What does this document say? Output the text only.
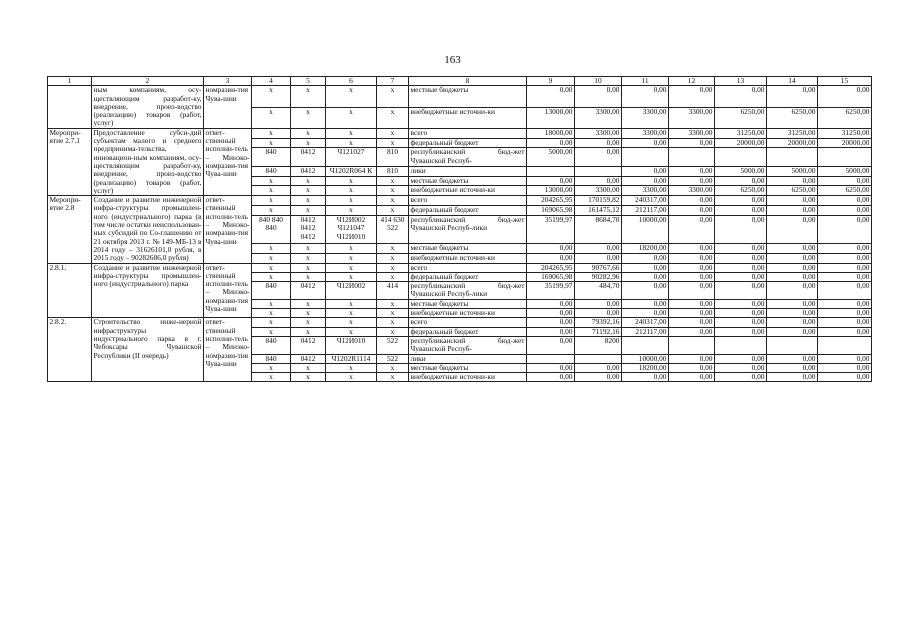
163
1	2	3	4	5	6	7	8	9	10	11	12	13	14	15
	ным компаниям, осу-ществляющим разработ-ку, внедрение, произ-водство (реализацию) товаров (работ, услуг)	номразви-тия Чува-шии	x	x	x	x	местные бюджеты	0,00	0,00	0,00	0,00	0,00	0,00	0,00
			x	x	x	x	внебюджетные источни-ки	13000,00	3300,00	3300,00	3300,00	6250,00	6250,00	6250,00
Меропри-ятие 2.7.1	Предоставление субси-дий субъектам малого и среднего предпринима-тельства, инновацион-ным компаниям, осу-ществляющим разработ-ку, внедрение, произ-водство (реализацию) товаров (работ, услуг)	ответ-ственный исполни-тель – Минэко-номразви-тия Чува-шии	x	x	x	x	всего	18000,00	3300,00	3300,00	3300,00	31250,00	31250,00	31250,00
			x	x	x	x	федеральный бюджет	0,00	0,00	0,00	0,00	20000,00	20000,00	20000,00
			840	0412	Ч121027	810	республиканский бюд-жет Чувашской Респуб-	5000,00	0,00					
			840	0412	Ч1202R064 К	810	лики			0,00	0,00	5000,00	5000,00	5000,00
			x	x	x	x	местные бюджеты	0,00	0,00	0,00	0,00	0,00	0,00	0,00
			x	x	x	x	внебюджетные источни-ки	13000,00	3300,00	3300,00	3300,00	6250,00	6250,00	6250,00
Меропри-ятие 2.8	Создание и развитие инженерной инфра-структуры промышлен-ного (индустриального) парка (в том числе остатки неиспользован-ных субсидий по Со-глашению от 21 октября 2013 г. № 149-МБ-13 в 2014 году – 31626101,0 рубля, в 2015 году – 90282686,0 рубля)	ответ-ственный исполни-тель – Минэко-номразви-тия Чува-шии	x	x	x	x	всего	204265,95	170159,82	240317,00	0,00	0,00	0,00	0,00
			x	x	x	x	федеральный бюджет	169065,98	161475,12	212117,00	0,00	0,00	0,00	0,00
			840 840 840	0412 0412 0412	Ч12И002 Ч121047 Ч12И010	414 630 522	республиканский бюд-жет Чувашской Респуб-лики	35199,97	8684,70	10000,00	0,00	0,00	0,00	0,00
			x	x	x	x	местные бюджеты	0,00	0,00	18200,00	0,00	0,00	0,00	0,00
			x	x	x	x	внебюджетные источни-ки	0,00	0,00	0,00	0,00	0,00	0,00	0,00
2.8.1.	Создание и развитие инженерной инфра-структуры промышлен-ного (индустриального) парка	ответ-ственный исполни-тель – Минэко-номразви-тия Чува-шии	x	x	x	x	всего	204265,95	90767,66	0,00	0,00	0,00	0,00	0,00
			x	x	x	x	федеральный бюджет	169065,98	90282,96	0,00	0,00	0,00	0,00	0,00
			840	0412	Ч12И002	414	республиканский бюд-жет Чувашской Респуб-лики	35199,97	484,70	0,00	0,00	0,00	0,00	0,00
			x	x	x	x	местные бюджеты	0,00	0,00	0,00	0,00	0,00	0,00	0,00
			x	x	x	x	внебюджетные источни-ки	0,00	0,00	0,00	0,00	0,00	0,00	0,00
2.8.2.	Строительство инже-нерной инфраструктуры индустриального парка в г. Чебоксары Чувашской Республики (II очередь)	ответ-ственный исполни-тель – Минэко-номразви-тия Чува-шии	x	x	x	x	всего	0,00	79392,16	240317,00	0,00	0,00	0,00	0,00
			x	x	x	x	федеральный бюджет	0,00	71192,16	212117,00	0,00	0,00	0,00	0,00
			840	0412	Ч12И010	522	республиканский бюд-жет Чувашской Респуб-	0,00	8200					
			840	0412	Ч1202R1114	522	лики			10000,00	0,00	0,00	0,00	0,00
			x	x	x	x	местные бюджеты	0,00	0,00	18200,00	0,00	0,00	0,00	0,00
			x	x	x	x	внебюджетные источни-ки	0,00	0,00	0,00	0,00	0,00	0,00	0,00
